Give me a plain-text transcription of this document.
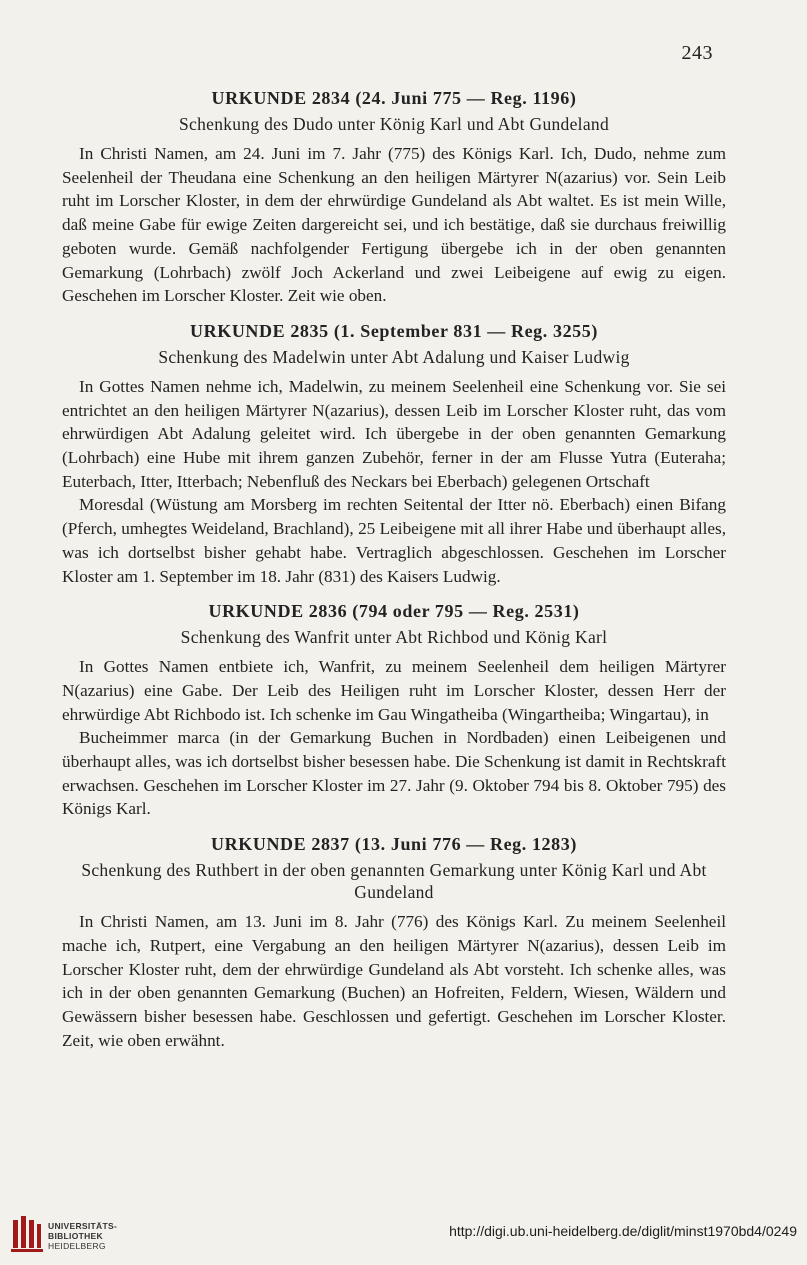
243
URKUNDE 2834 (24. Juni 775 — Reg. 1196)
Schenkung des Dudo unter König Karl und Abt Gundeland

In Christi Namen, am 24. Juni im 7. Jahr (775) des Königs Karl. Ich, Dudo, nehme zum Seelenheil der Theudana eine Schenkung an den heiligen Märtyrer N(azarius) vor. Sein Leib ruht im Lorscher Kloster, in dem der ehrwürdige Gundeland als Abt waltet. Es ist mein Wille, daß meine Gabe für ewige Zeiten dargereicht sei, und ich bestätige, daß sie durchaus freiwillig geboten wurde. Gemäß nachfolgender Fertigung übergebe ich in der oben genannten Gemarkung (Lohrbach) zwölf Joch Ackerland und zwei Leibeigene auf ewig zu eigen. Geschehen im Lorscher Kloster. Zeit wie oben.

URKUNDE 2835 (1. September 831 — Reg. 3255)
Schenkung des Madelwin unter Abt Adalung und Kaiser Ludwig

In Gottes Namen nehme ich, Madelwin, zu meinem Seelenheil eine Schenkung vor. Sie sei entrichtet an den heiligen Märtyrer N(azarius), dessen Leib im Lorscher Kloster ruht, das vom ehrwürdigen Abt Adalung geleitet wird. Ich übergebe in der oben genannten Gemarkung (Lohrbach) eine Hube mit ihrem ganzen Zubehör, ferner in der am Flusse Yutra (Euteraha; Euterbach, Itter, Itterbach; Nebenfluß des Neckars bei Eberbach) gelegenen Ortschaft

Moresdal (Wüstung am Morsberg im rechten Seitental der Itter nö. Eberbach) einen Bifang (Pferch, umhegtes Weideland, Brachland), 25 Leibeigene mit all ihrer Habe und überhaupt alles, was ich dortselbst bisher gehabt habe. Vertraglich abgeschlossen. Geschehen im Lorscher Kloster am 1. September im 18. Jahr (831) des Kaisers Ludwig.

URKUNDE 2836 (794 oder 795 — Reg. 2531)
Schenkung des Wanfrit unter Abt Richbod und König Karl

In Gottes Namen entbiete ich, Wanfrit, zu meinem Seelenheil dem heiligen Märtyrer N(azarius) eine Gabe. Der Leib des Heiligen ruht im Lorscher Kloster, dessen Herr der ehrwürdige Abt Richbodo ist. Ich schenke im Gau Wingatheiba (Wingartheiba; Wingartau), in

Bucheimmer marca (in der Gemarkung Buchen in Nordbaden) einen Leibeigenen und überhaupt alles, was ich dortselbst bisher besessen habe. Die Schenkung ist damit in Rechtskraft erwachsen. Geschehen im Lorscher Kloster im 27. Jahr (9. Oktober 794 bis 8. Oktober 795) des Königs Karl.

URKUNDE 2837 (13. Juni 776 — Reg. 1283)
Schenkung des Ruthbert in der oben genannten Gemarkung unter König Karl und Abt Gundeland

In Christi Namen, am 13. Juni im 8. Jahr (776) des Königs Karl. Zu meinem Seelenheil mache ich, Rutpert, eine Vergabung an den heiligen Märtyrer N(azarius), dessen Leib im Lorscher Kloster ruht, dem der ehrwürdige Gundeland als Abt vorsteht. Ich schenke alles, was ich in der oben genannten Gemarkung (Buchen) an Hofreiten, Feldern, Wiesen, Wäldern und Gewässern bisher besessen habe. Geschlossen und gefertigt. Geschehen im Lorscher Kloster. Zeit, wie oben erwähnt.

UNIVERSITÄTS-
BIBLIOTHEK
HEIDELBERG
http://digi.ub.uni-heidelberg.de/diglit/minst1970bd4/0249
